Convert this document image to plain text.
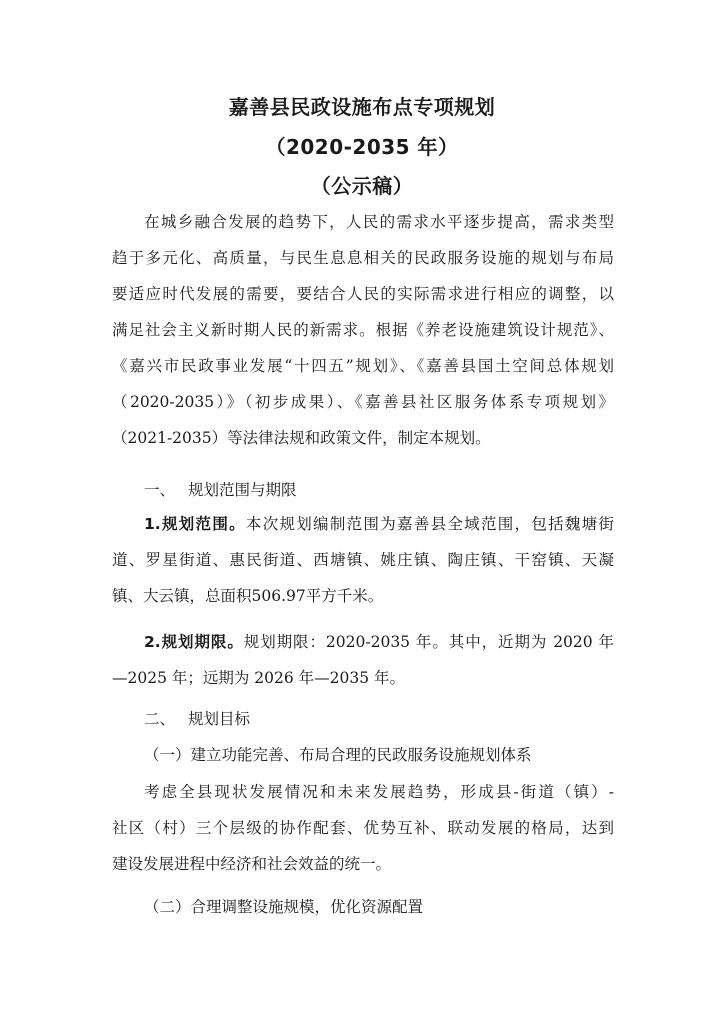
嘉善县民政设施布点专项规划
（2020-2035 年）
（公示稿）
在城乡融合发展的趋势下，人民的需求水平逐步提高，需求类型
趋于多元化、高质量，与民生息息相关的民政服务设施的规划与布局
要适应时代发展的需要，要结合人民的实际需求进行相应的调整，以
满足社会主义新时期人民的新需求。根据《养老设施建筑设计规范》、
《嘉兴市民政事业发展“十四五”规划》、《嘉善县国土空间总体规划
（2020-2035）》（初步成果）、《嘉善县社区服务体系专项规划》
（2021-2035）等法律法规和政策文件，制定本规划。
一、 规划范围与期限
1.规划范围。本次规划编制范围为嘉善县全域范围，包括魏塘街
道、罗星街道、惠民街道、西塘镇、姚庄镇、陶庄镇、干窑镇、天凝
镇、大云镇，总面积506.97平方千米。
2.规划期限。规划期限：2020-2035 年。其中，近期为 2020 年
—2025 年；远期为 2026 年—2035 年。
二、 规划目标
（一）建立功能完善、布局合理的民政服务设施规划体系
考虑全县现状发展情况和未来发展趋势，形成县-街道（镇）-
社区（村）三个层级的协作配套、优势互补、联动发展的格局，达到
建设发展进程中经济和社会效益的统一。
（二）合理调整设施规模，优化资源配置
